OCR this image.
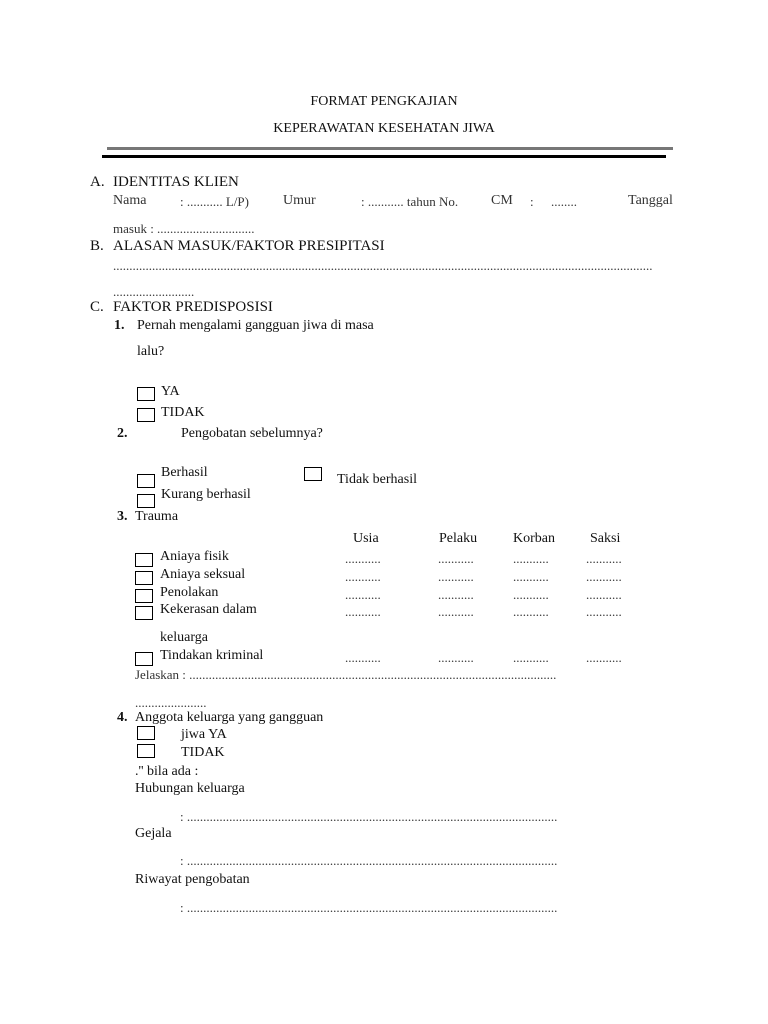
FORMAT PENGKAJIAN
KEPERAWATAN KESEHATAN JIWA
A. IDENTITAS KLIEN
Nama	: ........... L/P) Umur	: ........... tahun No. CM : ........	Tanggal
masuk : ..............................
B. ALASAN MASUK/FAKTOR PRESIPITASI
......................................................................................................................................................................
.........................
C. FAKTOR PREDISPOSISI
1. Pernah mengalami gangguan jiwa di masa
lalu?
YA
TIDAK
2.	Pengobatan sebelumnya?
Berhasil	Tidak berhasil
Kurang berhasil
3. Trauma
Usia	Pelaku	Korban	Saksi
Aniaya fisik	...........	...........	...........	...........
Aniaya seksual	...........	...........	...........	...........
Penolakan	...........	...........	...........	...........
Kekerasan dalam	...........	...........	...........	...........
keluarga
Tindakan kriminal	...........	...........	...........	...........
Jelaskan : .................................................................................................................
......................
4. Anggota keluarga yang gangguan
jiwa YA
TIDAK
.'' bila ada :
Hubungan keluarga
: ..................................................................................................................
Gejala
: ..................................................................................................................
Riwayat pengobatan
: ..................................................................................................................
